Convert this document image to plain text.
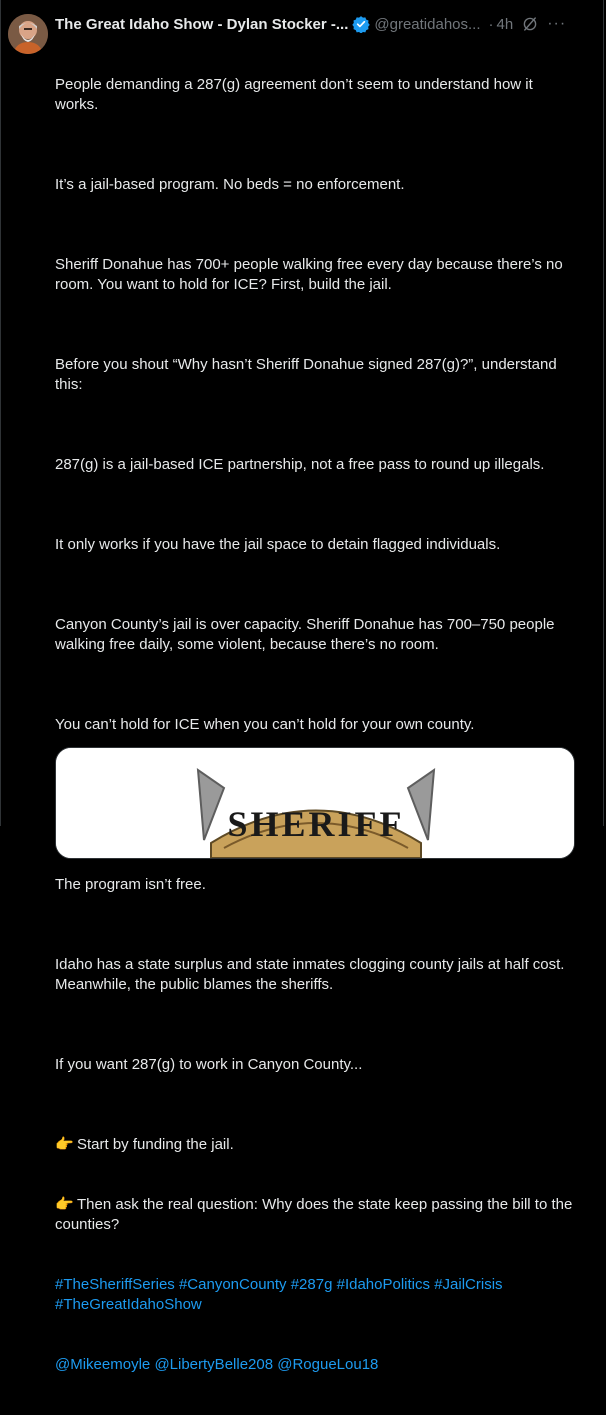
The Great Idaho Show - Dylan Stocker -... @greatidahos... · 4h ···

People demanding a 287(g) agreement don’t seem to understand how it works.

It’s a jail-based program. No beds = no enforcement.

Sheriff Donahue has 700+ people walking free every day because there’s no room. You want to hold for ICE? First, build the jail.

Before you shout “Why hasn’t Sheriff Donahue signed 287(g)?”, understand this:

287(g) is a jail-based ICE partnership, not a free pass to round up illegals.

It only works if you have the jail space to detain flagged individuals.

Canyon County’s jail is over capacity. Sheriff Donahue has 700–750 people walking free daily, some violent, because there’s no room.

You can’t hold for ICE when you can’t hold for your own county.

The program isn’t free.

Idaho has a state surplus and state inmates clogging county jails at half cost. Meanwhile, the public blames the sheriffs.

If you want 287(g) to work in Canyon County...

👉 Start by funding the jail.

👉 Then ask the real question: Why does the state keep passing the bill to the counties?

#TheSheriffSeries #CanyonCounty #287g #IdahoPolitics #JailCrisis
#TheGreatIdahoShow

@Mikeemoyle @LibertyBelle208 @RogueLou18

SHERIFF
